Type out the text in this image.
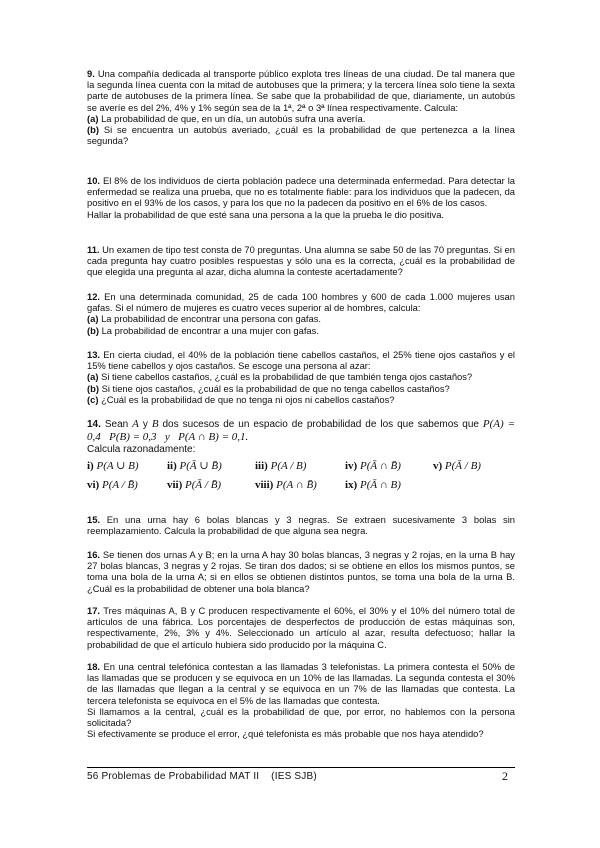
9. Una compañía dedicada al transporte público explota tres líneas de una ciudad. De tal manera que la segunda línea cuenta con la mitad de autobuses que la primera; y la tercera línea solo tiene la sexta parte de autobuses de la primera línea. Se sabe que la probabilidad de que, diariamente, un autobús se averíe es del 2%, 4% y 1% según sea de la 1ª, 2ª o 3ª línea respectivamente. Calcula:

(a) La probabilidad de que, en un día, un autobús sufra una avería.

(b) Si se encuentra un autobús averiado, ¿cuál es la probabilidad de que pertenezca a la línea segunda?

10. El 8% de los individuos de cierta población padece una determinada enfermedad. Para detectar la enfermedad se realiza una prueba, que no es totalmente fiable: para los individuos que la padecen, da positivo en el 93% de los casos, y para los que no la padecen da positivo en el 6% de los casos.

Hallar la probabilidad de que esté sana una persona a la que la prueba le dio positiva.

11. Un examen de tipo test consta de 70 preguntas. Una alumna se sabe 50 de las 70 preguntas. Si en cada pregunta hay cuatro posibles respuestas y sólo una es la correcta, ¿cuál es la probabilidad de que elegida una pregunta al azar, dicha alumna la conteste acertadamente?

12. En una determinada comunidad, 25 de cada 100 hombres y 600 de cada 1.000 mujeres usan gafas. Si el número de mujeres es cuatro veces superior al de hombres, calcula:

(a) La probabilidad de encontrar una persona con gafas.

(b) La probabilidad de encontrar a una mujer con gafas.

13. En cierta ciudad, el 40% de la población tiene cabellos castaños, el 25% tiene ojos castaños y el 15% tiene cabellos y ojos castaños. Se escoge una persona al azar:

(a) Si tiene cabellos castaños, ¿cuál es la probabilidad de que también tenga ojos castaños?

(b) Si tiene ojos castaños, ¿cuál es la probabilidad de que no tenga cabellos castaños?

(c) ¿Cuál es la probabilidad de que no tenga ni ojos ni cabellos castaños?

14. Sean A y B dos sucesos de un espacio de probabilidad de los que sabemos que P(A) = 0,4 P(B) = 0,3 y P(A ∩ B) = 0,1.

Calcula razonadamente:

i) P(A ∪ B)	ii) P(Ā ∪ B̄)	iii) P(A / B)	iv) P(Ā ∩ B̄)	v) P(Ā / B)
vi) P(A / B̄)	vii) P(Ā / B̄)	viii) P(A ∩ B̄)	ix) P(Ā ∩ B)

15. En una urna hay 6 bolas blancas y 3 negras. Se extraen sucesivamente 3 bolas sin reemplazamiento. Calcula la probabilidad de que alguna sea negra.

16. Se tienen dos urnas A y B; en la urna A hay 30 bolas blancas, 3 negras y 2 rojas, en la urna B hay 27 bolas blancas, 3 negras y 2 rojas. Se tiran dos dados; si se obtiene en ellos los mismos puntos, se toma una bola de la urna A; si en ellos se obtienen distintos puntos, se toma una bola de la urna B. ¿Cuál es la probabilidad de obtener una bola blanca?

17. Tres máquinas A, B y C producen respectivamente el 60%, el 30% y el 10% del número total de artículos de una fábrica. Los porcentajes de desperfectos de producción de estas máquinas son, respectivamente, 2%, 3% y 4%. Seleccionado un artículo al azar, resulta defectuoso; hallar la probabilidad de que el artículo hubiera sido producido por la máquina C.

18. En una central telefónica contestan a las llamadas 3 telefonistas. La primera contesta el 50% de las llamadas que se producen y se equivoca en un 10% de las llamadas. La segunda contesta el 30% de las llamadas que llegan a la central y se equivoca en un 7% de las llamadas que contesta. La tercera telefonista se equivoca en el 5% de las llamadas que contesta.

Si llamamos a la central, ¿cuál es la probabilidad de que, por error, no hablemos con la persona solicitada?

Si efectivamente se produce el error, ¿qué telefonista es más probable que nos haya atendido?

56 Problemas de Probabilidad MAT II    (IES SJB)	2
